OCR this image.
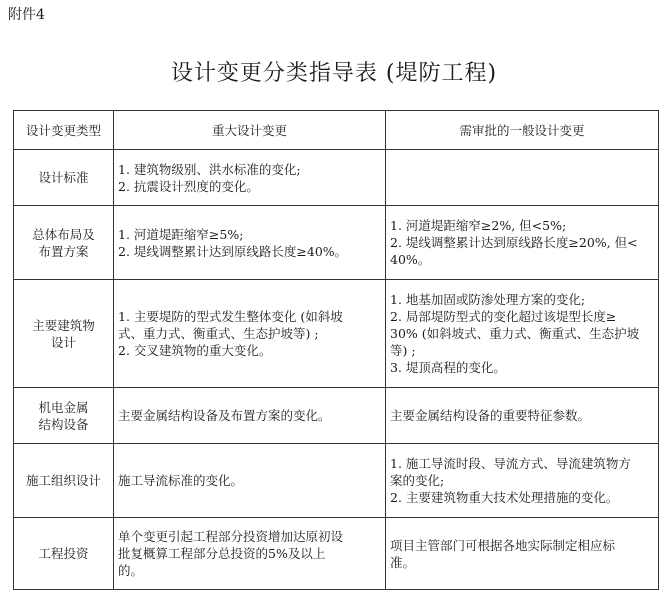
附件4
设计变更分类指导表 (堤防工程)
设计变更类型	重大设计变更	需审批的一般设计变更

设计标准	1. 建筑物级别、洪水标准的变化;
2. 抗震设计烈度的变化。	

总体布局及
布置方案	1. 河道堤距缩窄≥5%;
2. 堤线调整累计达到原线路长度≥40%。	1. 河道堤距缩窄≥2%, 但<5%;
2. 堤线调整累计达到原线路长度≥20%, 但<
40%。

主要建筑物
设计	1. 主要堤防的型式发生整体变化 (如斜坡
式、重力式、衡重式、生态护坡等) ;
2. 交叉建筑物的重大变化。	1. 地基加固或防渗处理方案的变化;
2. 局部堤防型式的变化超过该堤型长度≥
30% (如斜坡式、重力式、衡重式、生态护坡
等) ;
3. 堤顶高程的变化。

机电金属
结构设备	主要金属结构设备及布置方案的变化。	主要金属结构设备的重要特征参数。

施工组织设计	施工导流标准的变化。	1. 施工导流时段、导流方式、导流建筑物方
案的变化;
2. 主要建筑物重大技术处理措施的变化。

工程投资	单个变更引起工程部分投资增加达原初设
批复概算工程部分总投资的5%及以上
的。	项目主管部门可根据各地实际制定相应标
准。
